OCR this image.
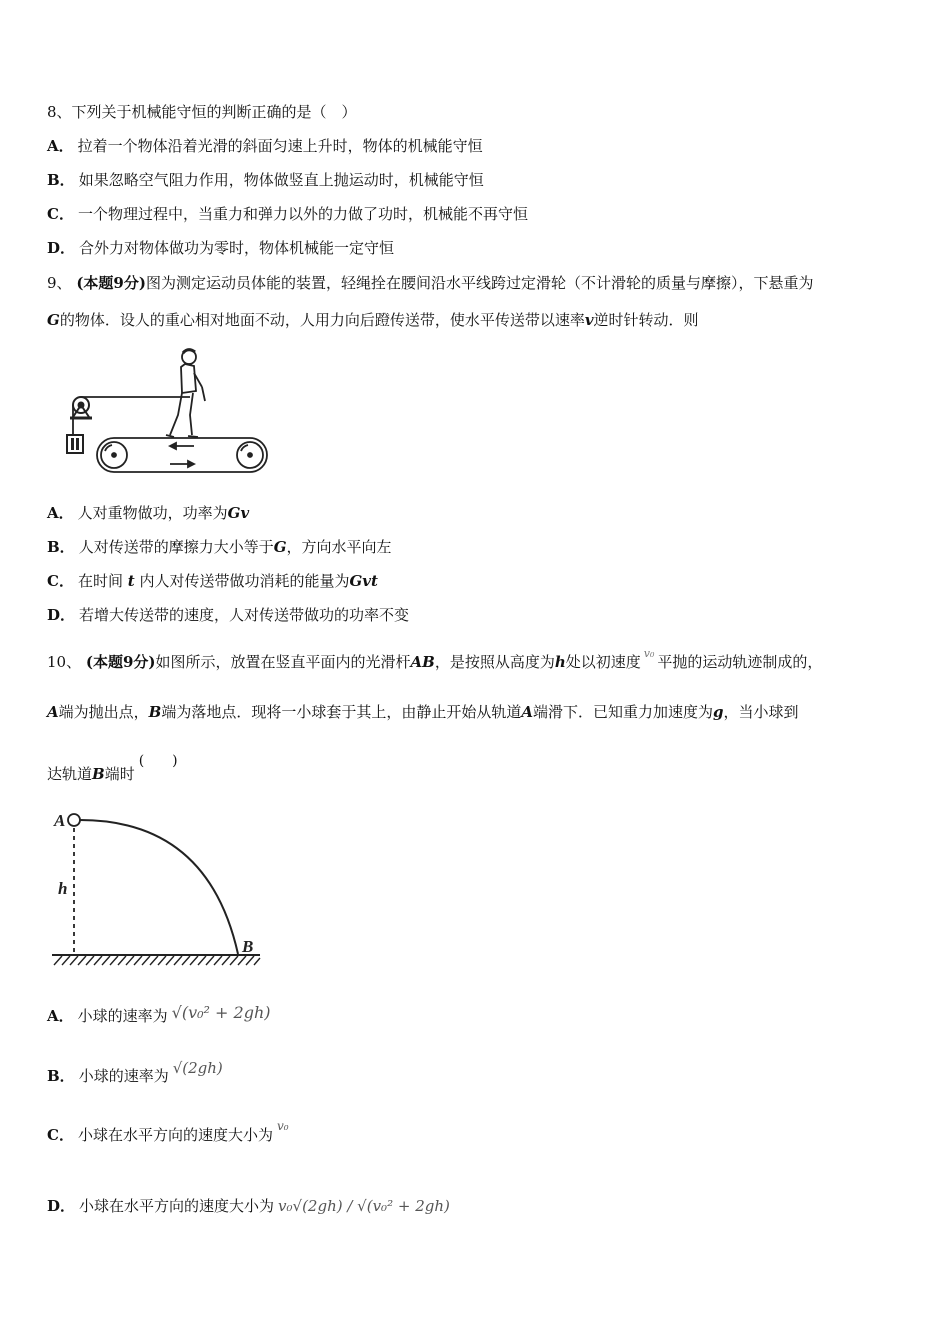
8、下列关于机械能守恒的判断正确的是（　）
A． 拉着一个物体沿着光滑的斜面匀速上升时，物体的机械能守恒
B． 如果忽略空气阻力作用，物体做竖直上抛运动时，机械能守恒
C． 一个物理过程中，当重力和弹力以外的力做了功时，机械能不再守恒
D． 合外力对物体做功为零时，物体机械能一定守恒
9、 (本题9分)图为测定运动员体能的装置，轻绳拴在腰间沿水平线跨过定滑轮（不计滑轮的质量与摩擦），下悬重为
G的物体．设人的重心相对地面不动，人用力向后蹬传送带，使水平传送带以速率v逆时针转动．则
A． 人对重物做功，功率为Gv
B． 人对传送带的摩擦力大小等于G，方向水平向左
C． 在时间 t 内人对传送带做功消耗的能量为Gvt
D． 若增大传送带的速度，人对传送带做功的功率不变
10、 (本题9分)如图所示，放置在竖直平面内的光滑杆AB，是按照从高度为h处以初速度 $^{v_0}$ 平抛的运动轨迹制成的，
A端为抛出点，B端为落地点．现将一小球套于其上，由静止开始从轨道A端滑下．已知重力加速度为g，当小球到
达轨道B端时(　　)
A
h
B
A． 小球的速率为 √(v₀² + 2gh)
B． 小球的速率为 √(2gh)
C． 小球在水平方向的速度大小为 $^{v_0}$
D． 小球在水平方向的速度大小为 v₀√(2gh) / √(v₀² + 2gh)
